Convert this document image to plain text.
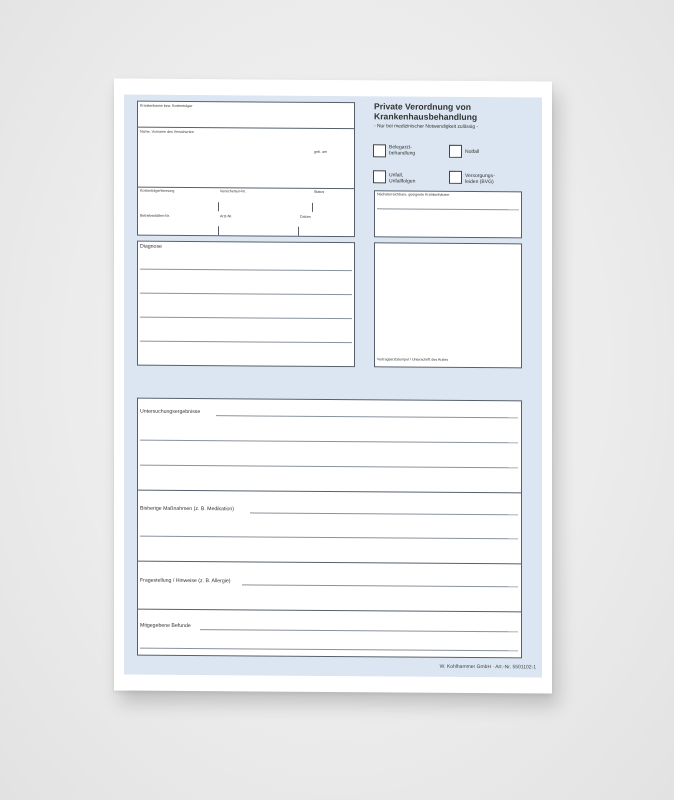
Krankenkasse bzw. Kostenträger
Name, Vorname des Versicherten
geb. am
Kostenträgerkennung	Versicherten-Nr.	Status
Betriebsstätten-Nr.	Arzt-Nr.	Datum
Private Verordnung von
Krankenhausbehandlung
- Nur bei medizinischer Notwendigkeit zulässig -
Belegarzt-
behandlung	Notfall
Unfall,
Unfallfolgen
Versorgungs-
leiden (BVG)
Nächsterreichbare, geeignete Krankenhäuser
Diagnose
Vertragsarztstempel / Unterschrift des Arztes
Untersuchungsergebnisse
Bisherige Maßnahmen (z. B. Medikation)
Fragestellung / Hinweise (z. B. Allergie)
Mitgegebene Befunde
W. Kohlhammer GmbH · Art.-Nr. 5501102-1
